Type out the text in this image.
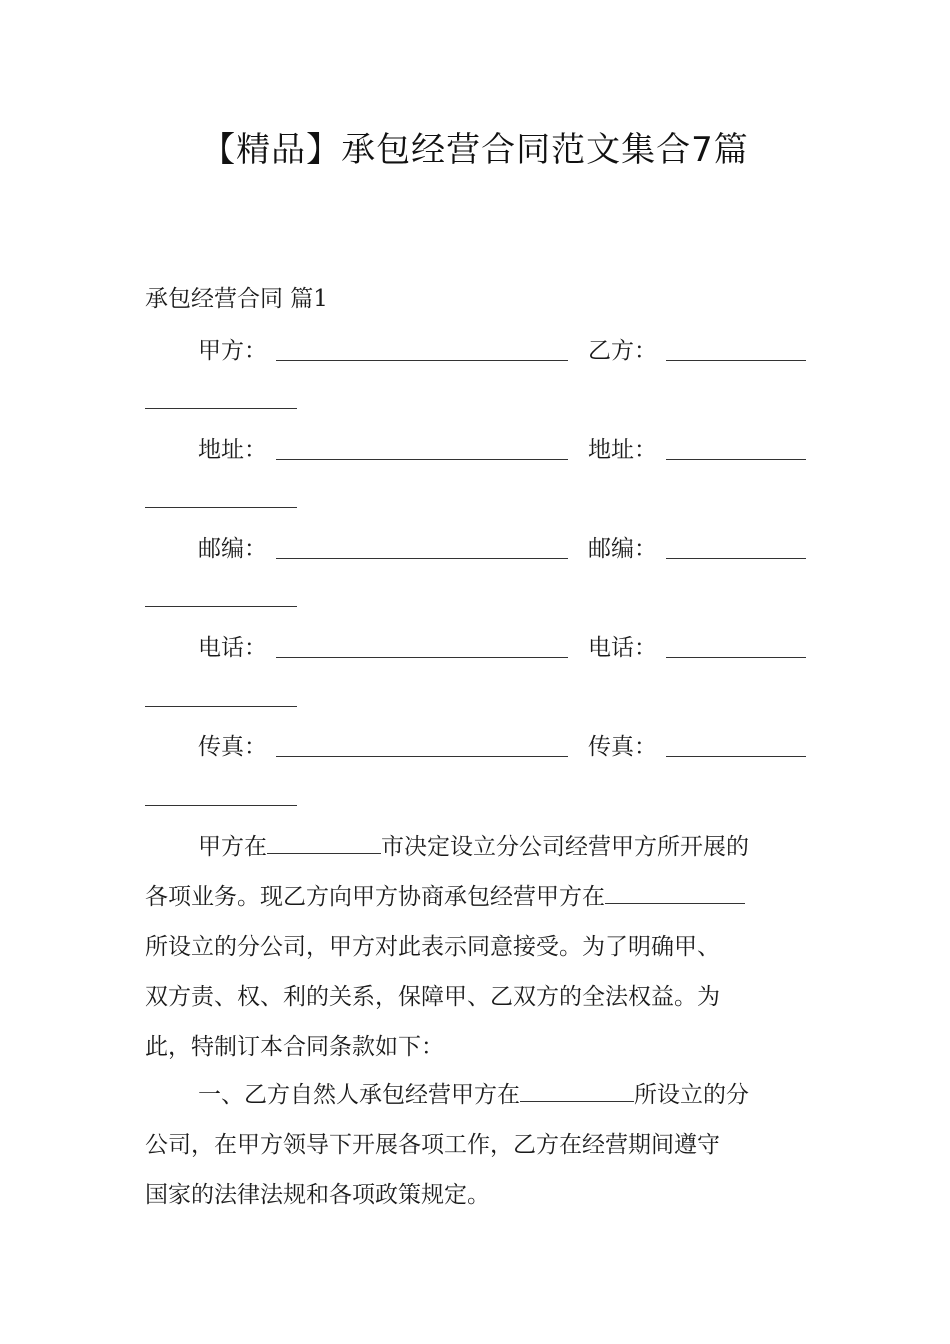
【精品】承包经营合同范文集合7篇
承包经营合同 篇1
甲方：	乙方：
地址：	地址：
邮编：	邮编：
电话：	电话：
传真：	传真：
甲方在	市决定设立分公司经营甲方所开展的
各项业务。现乙方向甲方协商承包经营甲方在
所设立的分公司，甲方对此表示同意接受。为了明确甲、
双方责、权、利的关系，保障甲、乙双方的全法权益。为
此，特制订本合同条款如下：
一、乙方自然人承包经营甲方在	所设立的分
公司，在甲方领导下开展各项工作，乙方在经营期间遵守
国家的法律法规和各项政策规定。
